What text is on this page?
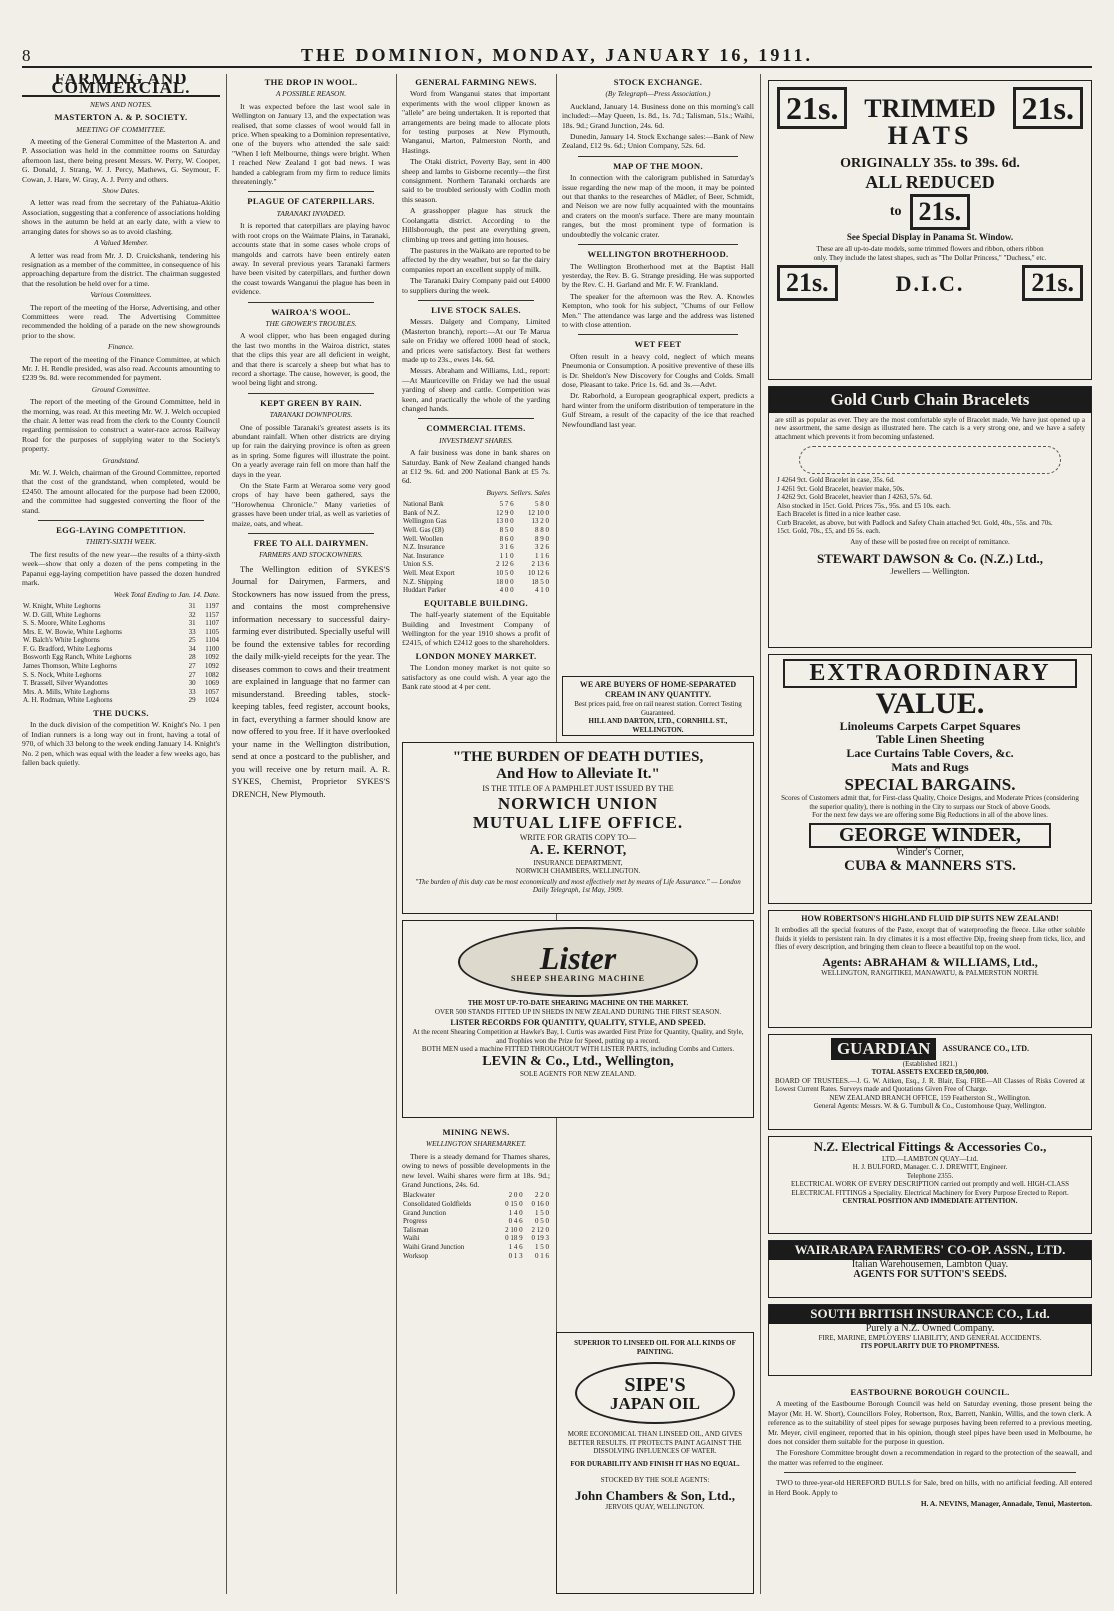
8	THE DOMINION, MONDAY, JANUARY 16, 1911.
FARMING AND COMMERCIAL.
NEWS AND NOTES.
MASTERTON A. & P. SOCIETY.
MEETING OF COMMITTEE.

A meeting of the General Committee of the Masterton A. and P. Association was held in the committee rooms on Saturday afternoon last, there being present Messrs. W. Perry, W. Cooper, G. Donald, J. Strang, W. J. Percy, Mathews, G. Seymour, F. Cowan, J. Hare, W. Gray, A. J. Perry and others.

Show Dates.

A letter was read from the secretary of the Pahiatua-Akitio Association, suggesting that a conference of associations holding shows in the autumn be held at an early date, with a view to arranging dates for shows so as to avoid clashing.

A Valued Member.

A letter was read from Mr. J. D. Cruickshank, tendering his resignation as a member of the committee, in consequence of his approaching departure from the district. The chairman suggested that the resolution be held over for a time.

Various Committees.

The report of the meeting of the Horse, Advertising, and other Committees were read. The Advertising Committee recommended the holding of a parade on the new showgrounds prior to the show.

Finance.

The report of the meeting of the Finance Committee, at which Mr. J. H. Rendle presided, was also read. Accounts amounting to £239 9s. 8d. were recommended for payment.

Ground Committee.

The report of the meeting of the Ground Committee, held in the morning, was read. At this meeting Mr. W. J. Welch occupied the chair. A letter was read from the clerk to the County Council regarding permission to construct a water-race across Railway Road for the purposes of supplying water to the Society's property.

Grandstand.

Mr. W. J. Welch, chairman of the Ground Committee, reported that the cost of the grandstand, when completed, would be £2450. The amount allocated for the purpose had been £2000, and the committee had suggested converting the floor of the stand.

EGG-LAYING COMPETITION.
THIRTY-SIXTH WEEK.

The first results of the new year—the results of a thirty-sixth week—show that only a dozen of the pens competing in the Papanui egg-laying competition have passed the dozen hundred mark.

Week Total Ending to Jan. 14. Date.
W. Knight, White Leghorns	31	1197
W. D. Gill, White Leghorns	32	1157
S. S. Moore, White Leghorns	31	1107
Mrs. E. W. Bowie, White Leghorns	33	1105
W. Balch's White Leghorns	25	1104
F. G. Bradford, White Leghorns	34	1100
Bosworth Egg Ranch, White Leghorns	28	1092
James Thomson, White Leghorns	27	1092
S. S. Nock, White Leghorns	27	1082
T. Brassell, Silver Wyandottes	30	1069
Mrs. A. Mills, White Leghorns	33	1057
A. H. Rodman, White Leghorns	29	1024
THE DUCKS.

In the duck division of the competition W. Knight's No. 1 pen of Indian runners is a long way out in front, having a total of 970, of which 33 belong to the week ending January 14. Knight's No. 2 pen, which was equal with the leader a few weeks ago, has fallen back quietly.

THE DROP IN WOOL.
A POSSIBLE REASON.

It was expected before the last wool sale in Wellington on January 13, and the expectation was realised, that some classes of wool would fall in price. When speaking to a Dominion representative, one of the buyers who attended the sale said: "When I left Melbourne, things were bright. When I reached New Zealand I got bad news. I was handed a cablegram from my firm to reduce limits threateningly."

PLAGUE OF CATERPILLARS.
TARANAKI INVADED.

It is reported that caterpillars are playing havoc with root crops on the Waimate Plains, in Taranaki, accounts state that in some cases whole crops of mangolds and carrots have been entirely eaten away. In several previous years Taranaki farmers have been visited by caterpillars, and further down the coast towards Wanganui the plague has been in evidence.

WAIROA'S WOOL.
THE GROWER'S TROUBLES.

A wool clipper, who has been engaged during the last two months in the Wairoa district, states that the clips this year are all deficient in weight, and that there is scarcely a sheep but what has to record a shortage. The cause, however, is good, the wool being light and strong.

KEPT GREEN BY RAIN.
TARANAKI DOWNPOURS.

One of possible Taranaki's greatest assets is its abundant rainfall. When other districts are drying up for rain the dairying province is often as green as in spring. Some figures will illustrate the point. On a yearly average rain fell on more than half the days in the year.

On the State Farm at Weraroa some very good crops of hay have been gathered, says the "Horowhenua Chronicle." Many varieties of grasses have been under trial, as well as varieties of maize, oats, and wheat.

FREE TO ALL DAIRYMEN.
FARMERS AND STOCKOWNERS.

The Wellington edition of SYKES'S Journal for Dairymen, Farmers, and Stockowners has now issued from the press, and contains the most comprehensive information necessary to successful dairy-farming ever distributed. Specially useful will be found the extensive tables for recording the daily milk-yield receipts for the year. The diseases common to cows and their treatment are explained in language that no farmer can misunderstand. Breeding tables, stock-keeping tables, feed register, account books, in fact, everything a farmer should know are now offered to you free. If it have overlooked your name in the Wellington distribution, send at once a postcard to the publisher, and you will receive one by return mail. A. R. SYKES, Chemist, Proprietor SYKES'S DRENCH, New Plymouth.

GENERAL FARMING NEWS.

Word from Wanganui states that important experiments with the wool clipper known as "allele" are being undertaken. It is reported that arrangements are being made to allocate plots for testing purposes at New Plymouth, Wanganui, Marton, Palmerston North, and Hastings.

The Otaki district, Poverty Bay, sent in 400 sheep and lambs to Gisborne recently—the first consignment. Northern Taranaki orchards are said to be troubled seriously with Codlin moth this season.

A grasshopper plague has struck the Coolangatta district. According to the Hillsborough, the pest ate everything green, climbing up trees and getting into houses.

The pastures in the Waikato are reported to be affected by the dry weather, but so far the dairy companies report an excellent supply of milk.

The Taranaki Dairy Company paid out £4000 to suppliers during the week.

LIVE STOCK SALES.

Messrs. Dalgety and Company, Limited (Masterton branch), report:—At our Te Marua sale on Friday we offered 1000 head of stock, and prices were satisfactory. Best fat wethers made up to 23s., ewes 14s. 6d.

Messrs. Abraham and Williams, Ltd., report:—At Mauriceville on Friday we had the usual yarding of sheep and cattle. Competition was keen, and practically the whole of the yarding changed hands.

COMMERCIAL ITEMS.
INVESTMENT SHARES.

A fair business was done in bank shares on Saturday. Bank of New Zealand changed hands at £12 9s. 6d. and 200 National Bank at £5 7s. 6d.

Buyers. Sellers. Sales
National Bank	5 7 6	5 8 0
Bank of N.Z.	12 9 0	12 10 0
Wellington Gas	13 0 0	13 2 0
Well. Gas (£8)	8 5 0	8 8 0
Well. Woollen	8 6 0	8 9 0
N.Z. Insurance	3 1 6	3 2 6
Nat. Insurance	1 1 0	1 1 6
Union S.S.	2 12 6	2 13 6
Well. Meat Export	10 5 0	10 12 6
N.Z. Shipping	18 0 0	18 5 0
Huddart Parker	4 0 0	4 1 0
EQUITABLE BUILDING.

The half-yearly statement of the Equitable Building and Investment Company of Wellington for the year 1910 shows a profit of £2415, of which £2412 goes to the shareholders.

LONDON MONEY MARKET.

The London money market is not quite so satisfactory as one could wish. A year ago the Bank rate stood at 4 per cent.

STOCK EXCHANGE.
(By Telegraph—Press Association.)

Auckland, January 14. Business done on this morning's call included:—May Queen, 1s. 8d., 1s. 7d.; Talisman, 51s.; Waihi, 18s. 9d.; Grand Junction, 24s. 6d.

Dunedin, January 14. Stock Exchange sales:—Bank of New Zealand, £12 9s. 6d.; Union Company, 52s. 6d.

MAP OF THE MOON.

In connection with the calorigram published in Saturday's issue regarding the new map of the moon, it may be pointed out that thanks to the researches of Mädler, of Beer, Schmidt, and Neison we are now fully acquainted with the mountains and craters on the moon's surface. There are many mountain ranges, but the most prominent type of formation is undoubtedly the volcanic crater.

WELLINGTON BROTHERHOOD.

The Wellington Brotherhood met at the Baptist Hall yesterday, the Rev. B. G. Strange presiding. He was supported by the Rev. C. H. Garland and Mr. F. W. Frankland.

The speaker for the afternoon was the Rev. A. Knowles Kempton, who took for his subject, "Chums of our Fellow Men." The attendance was large and the address was listened to with close attention.

WET FEET

Often result in a heavy cold, neglect of which means Pneumonia or Consumption. A positive preventive of these ills is Dr. Sheldon's New Discovery for Coughs and Colds. Small dose, Pleasant to take. Price 1s. 6d. and 3s.—Advt.

Dr. Raborhold, a European geographical expert, predicts a hard winter from the uniform distribution of temperature in the Gulf Stream, a result of the capacity of the ice that reached Newfoundland last year.

WE ARE BUYERS OF HOME-SEPARATED CREAM IN ANY QUANTITY.
Best prices paid, free on rail nearest station. Correct Testing Guaranteed.
HILL AND DARTON, LTD., CORNHILL ST., WELLINGTON.
"THE BURDEN OF DEATH DUTIES,
And How to Alleviate It."
IS THE TITLE OF A PAMPHLET JUST ISSUED BY THE
NORWICH UNION
MUTUAL LIFE OFFICE.
WRITE FOR GRATIS COPY TO—
A. E. KERNOT,
INSURANCE DEPARTMENT,
NORWICH CHAMBERS, WELLINGTON.
"The burden of this duty can be most economically and most effectively met by means of Life Assurance." — London Daily Telegraph, 1st May, 1909.
Lister
SHEEP SHEARING MACHINE
THE MOST UP-TO-DATE SHEARING MACHINE ON THE MARKET.
OVER 500 STANDS FITTED UP IN SHEDS IN NEW ZEALAND DURING THE FIRST SEASON.
LISTER RECORDS FOR QUANTITY, QUALITY, STYLE, AND SPEED.
At the recent Shearing Competition at Hawke's Bay, I. Curtis was awarded First Prize for Quantity, Quality, and Style, and Trophies won the Prize for Speed, putting up a record.
BOTH MEN used a machine FITTED THROUGHOUT WITH LISTER PARTS, including Combs and Cutters.
LEVIN & Co., Ltd., Wellington,
SOLE AGENTS FOR NEW ZEALAND.
SUPERIOR TO LINSEED OIL FOR ALL KINDS OF PAINTING.
SIPE'S
JAPAN OIL
MORE ECONOMICAL THAN LINSEED OIL, AND GIVES BETTER RESULTS. IT PROTECTS PAINT AGAINST THE DISSOLVING INFLUENCES OF WATER.
FOR DURABILITY AND FINISH IT HAS NO EQUAL.
STOCKED BY THE SOLE AGENTS:
John Chambers & Son, Ltd.,
JERVOIS QUAY, WELLINGTON.
MINING NEWS.
WELLINGTON SHAREMARKET.

There is a steady demand for Thames shares, owing to news of possible developments in the new level. Waihi shares were firm at 18s. 9d.; Grand Junctions, 24s. 6d.

Blackwater	2 0 0	2 2 0
Consolidated Goldfields	0 15 0	0 16 0
Grand Junction	1 4 0	1 5 0
Progress	0 4 6	0 5 0
Talisman	2 10 0	2 12 0
Waihi	0 18 9	0 19 3
Waihi Grand Junction	1 4 6	1 5 0
Worksop	0 1 3	0 1 6
21s.	21s.
TRIMMED
HATS
ORIGINALLY 35s. to 39s. 6d.
ALL REDUCED
to 21s.
See Special Display in Panama St. Window.
These are all up-to-date models, some trimmed flowers and ribbon, others ribbon only. They include the latest shapes, such as "The Dollar Princess," "Duchess," etc.
21s.	D.I.C.	21s.
Gold Curb Chain Bracelets
are still as popular as ever. They are the most comfortable style of Bracelet made. We have just opened up a new assortment, the same design as illustrated here. The catch is a very strong one, and we have a safety attachment which prevents it from becoming unfastened.
J 4264 9ct. Gold Bracelet in case, 35s. 6d.
J 4261 9ct. Gold Bracelet, heavier make, 50s.
J 4262 9ct. Gold Bracelet, heavier than J 4263, 57s. 6d.
Also stocked in 15ct. Gold. Prices 75s., 95s. and £5 10s. each.
Each Bracelet is fitted in a nice leather case.
Curb Bracelet, as above, but with Padlock and Safety Chain attached 9ct. Gold, 40s., 55s. and 70s.
15ct. Gold, 70s., £5, and £6 5s. each.
Any of these will be posted free on receipt of remittance.
STEWART DAWSON & Co. (N.Z.) Ltd.,
Jewellers — Wellington.
EXTRAORDINARY
VALUE.
Linoleums Carpets Carpet Squares
Table Linen Sheeting
Lace Curtains Table Covers, &c.
Mats and Rugs
SPECIAL BARGAINS.
Scores of Customers admit that, for First-class Quality, Choice Designs, and Moderate Prices (considering the superior quality), there is nothing in the City to surpass our Stock of above Goods.
For the next few days we are offering some Big Reductions in all of the above lines.
GEORGE WINDER,
Winder's Corner,
CUBA & MANNERS STS.
HOW ROBERTSON'S HIGHLAND FLUID DIP SUITS NEW ZEALAND!
It embodies all the special features of the Paste, except that of waterproofing the fleece. Like other soluble fluids it yields to persistent rain. In dry climates it is a most effective Dip, freeing sheep from ticks, lice, and flies of every description, and bringing them clean to fleece a beautiful top on the wool.
Agents: ABRAHAM & WILLIAMS, Ltd.,
WELLINGTON, RANGITIKEI, MANAWATU, & PALMERSTON NORTH.
GUARDIAN	ASSURANCE CO., LTD.
(Established 1821.)
TOTAL ASSETS EXCEED £8,500,000.
BOARD OF TRUSTEES.—J. G. W. Aitken, Esq., J. R. Blair, Esq. FIRE—All Classes of Risks Covered at Lowest Current Rates. Surveys made and Quotations Given Free of Charge.
NEW ZEALAND BRANCH OFFICE, 159 Featherston St., Wellington.
General Agents: Messrs. W. & G. Turnbull & Co., Customhouse Quay, Wellington.
N.Z. Electrical Fittings & Accessories Co.,
LTD.—LAMBTON QUAY—Ltd.
H. J. BULFORD, Manager. C. J. DREWITT, Engineer.
Telephone 2355.
ELECTRICAL WORK OF EVERY DESCRIPTION carried out promptly and well. HIGH-CLASS ELECTRICAL FITTINGS a Speciality. Electrical Machinery for Every Purpose Erected to Report.
CENTRAL POSITION AND IMMEDIATE ATTENTION.
WAIRARAPA FARMERS' CO-OP. ASSN., LTD.
Italian Warehousemen, Lambton Quay.
AGENTS FOR SUTTON'S SEEDS.
SOUTH BRITISH INSURANCE CO., Ltd.
Purely a N.Z. Owned Company.
FIRE, MARINE, EMPLOYERS' LIABILITY, AND GENERAL ACCIDENTS.
ITS POPULARITY DUE TO PROMPTNESS.
EASTBOURNE BOROUGH COUNCIL.

A meeting of the Eastbourne Borough Council was held on Saturday evening, those present being the Mayor (Mr. H. W. Short), Councillors Foley, Robertson, Rox, Barrett, Nankin, Willis, and the town clerk. A reference as to the suitability of steel pipes for sewage purposes having been referred to a previous meeting, Mr. Meyer, civil engineer, reported that in his opinion, though steel pipes have been used in Melbourne, he does not consider them suitable for the purpose in question.

The Foreshore Committee brought down a recommendation in regard to the protection of the seawall, and the matter was referred to the engineer.

TWO to three-year-old HEREFORD BULLS for Sale, bred on hills, with no artificial feeding. All entered in Herd Book. Apply to

H. A. NEVINS, Manager, Annadale, Tenui, Masterton.
